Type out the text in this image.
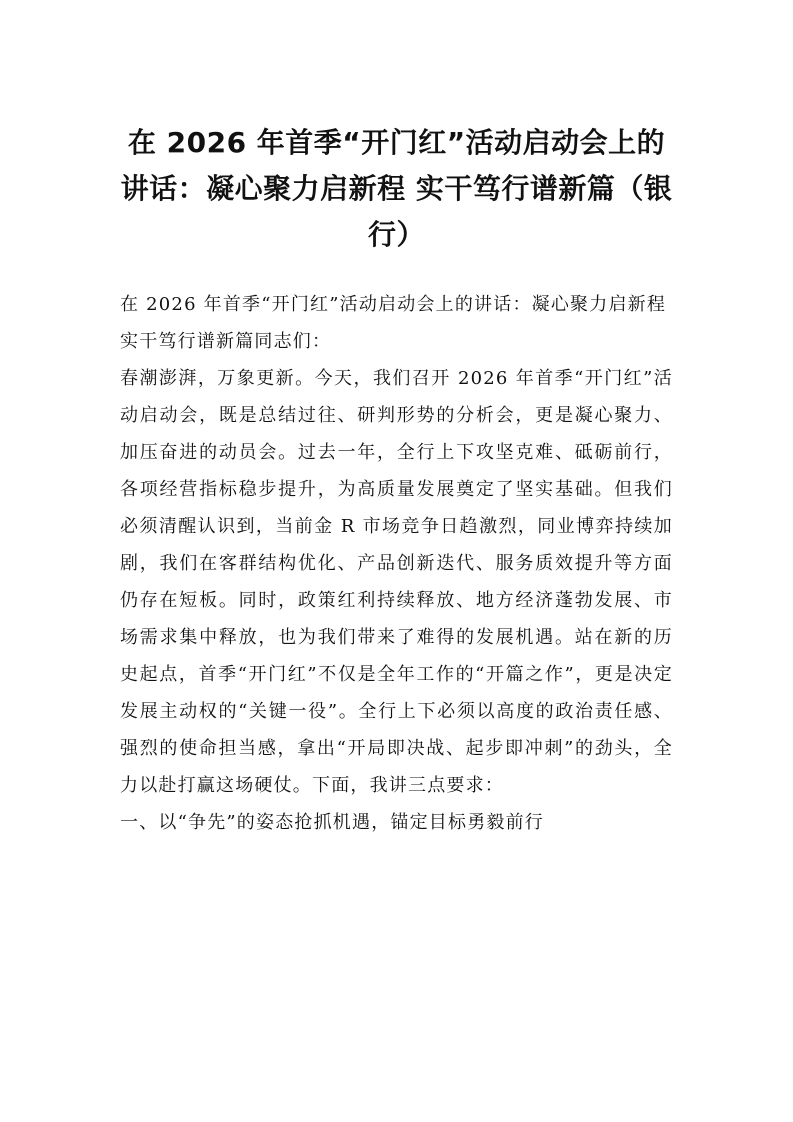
在 2026 年首季“开门红”活动启动会上的
讲话：凝心聚力启新程 实干笃行谱新篇（银
行）

在 2026 年首季“开门红”活动启动会上的讲话：凝心聚力启新程

实干笃行谱新篇同志们：

春潮澎湃，万象更新。今天，我们召开 2026 年首季“开门红”活动启动会，既是总结过往、研判形势的分析会，更是凝心聚力、加压奋进的动员会。过去一年，全行上下攻坚克难、砥砺前行，各项经营指标稳步提升，为高质量发展奠定了坚实基础。但我们必须清醒认识到，当前金 R 市场竞争日趋激烈，同业博弈持续加剧，我们在客群结构优化、产品创新迭代、服务质效提升等方面仍存在短板。同时，政策红利持续释放、地方经济蓬勃发展、市场需求集中释放，也为我们带来了难得的发展机遇。站在新的历史起点，首季“开门红”不仅是全年工作的“开篇之作”，更是决定发展主动权的“关键一役”。全行上下必须以高度的政治责任感、强烈的使命担当感，拿出“开局即决战、起步即冲刺”的劲头，全力以赴打赢这场硬仗。下面，我讲三点要求：

一、以“争先”的姿态抢抓机遇，锚定目标勇毅前行
